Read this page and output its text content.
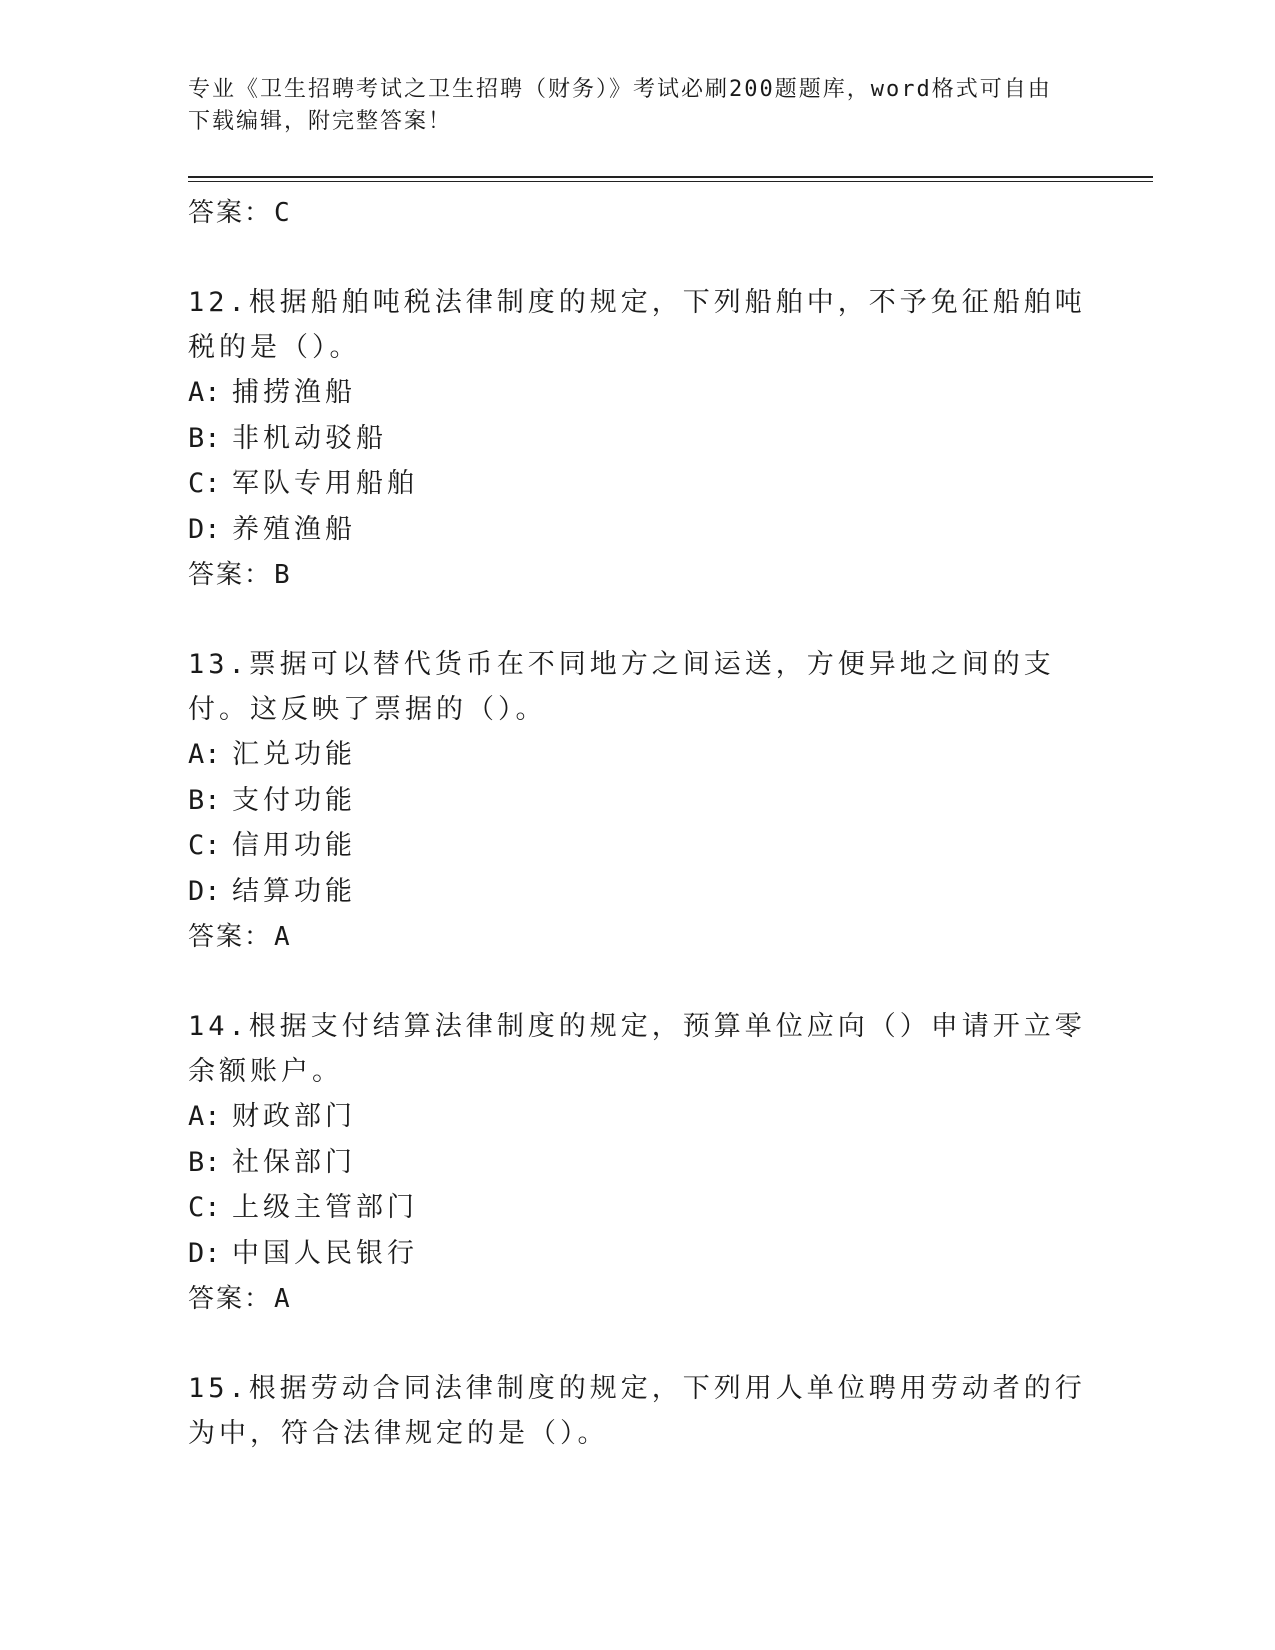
专业《卫生招聘考试之卫生招聘（财务）》考试必刷200题题库，word格式可自由下载编辑，附完整答案！
答案：C
12.根据船舶吨税法律制度的规定，下列船舶中，不予免征船舶吨税的是（）。
A: 捕捞渔船
B: 非机动驳船
C: 军队专用船舶
D: 养殖渔船
答案：B
13.票据可以替代货币在不同地方之间运送，方便异地之间的支付。这反映了票据的（）。
A: 汇兑功能
B: 支付功能
C: 信用功能
D: 结算功能
答案：A
14.根据支付结算法律制度的规定，预算单位应向（）申请开立零余额账户。
A: 财政部门
B: 社保部门
C: 上级主管部门
D: 中国人民银行
答案：A
15.根据劳动合同法律制度的规定，下列用人单位聘用劳动者的行为中，符合法律规定的是（）。
